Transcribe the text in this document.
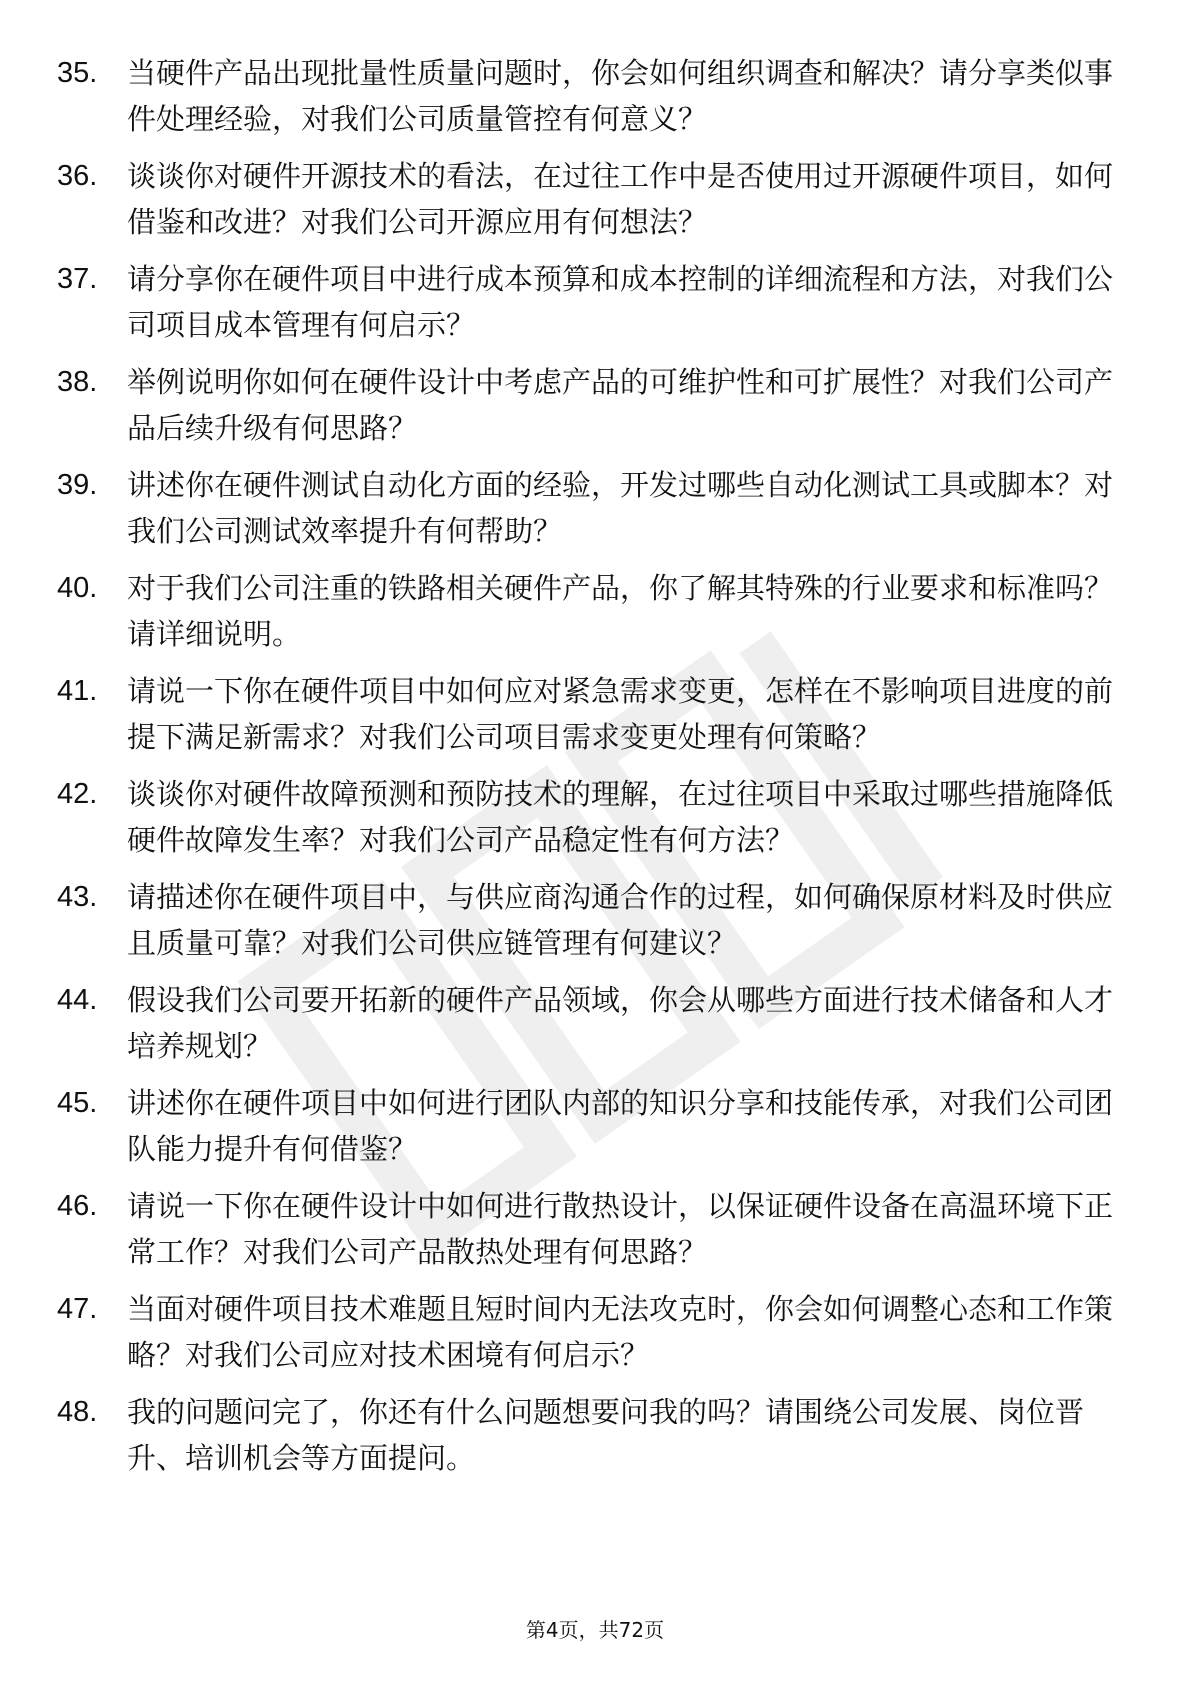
35.	当硬件产品出现批量性质量问题时，你会如何组织调查和解决？请分享类似事件处理经验，对我们公司质量管控有何意义？
36.	谈谈你对硬件开源技术的看法，在过往工作中是否使用过开源硬件项目，如何借鉴和改进？对我们公司开源应用有何想法？
37.	请分享你在硬件项目中进行成本预算和成本控制的详细流程和方法，对我们公司项目成本管理有何启示？
38.	举例说明你如何在硬件设计中考虑产品的可维护性和可扩展性？对我们公司产品后续升级有何思路？
39.	讲述你在硬件测试自动化方面的经验，开发过哪些自动化测试工具或脚本？对我们公司测试效率提升有何帮助？
40.	对于我们公司注重的铁路相关硬件产品，你了解其特殊的行业要求和标准吗？请详细说明。
41.	请说一下你在硬件项目中如何应对紧急需求变更，怎样在不影响项目进度的前提下满足新需求？对我们公司项目需求变更处理有何策略？
42.	谈谈你对硬件故障预测和预防技术的理解，在过往项目中采取过哪些措施降低硬件故障发生率？对我们公司产品稳定性有何方法？
43.	请描述你在硬件项目中，与供应商沟通合作的过程，如何确保原材料及时供应且质量可靠？对我们公司供应链管理有何建议？
44.	假设我们公司要开拓新的硬件产品领域，你会从哪些方面进行技术储备和人才培养规划？
45.	讲述你在硬件项目中如何进行团队内部的知识分享和技能传承，对我们公司团队能力提升有何借鉴？
46.	请说一下你在硬件设计中如何进行散热设计，以保证硬件设备在高温环境下正常工作？对我们公司产品散热处理有何思路？
47.	当面对硬件项目技术难题且短时间内无法攻克时，你会如何调整心态和工作策略？对我们公司应对技术困境有何启示？
48.	我的问题问完了，你还有什么问题想要问我的吗？请围绕公司发展、岗位晋升、培训机会等方面提问。
第4页，共72页
